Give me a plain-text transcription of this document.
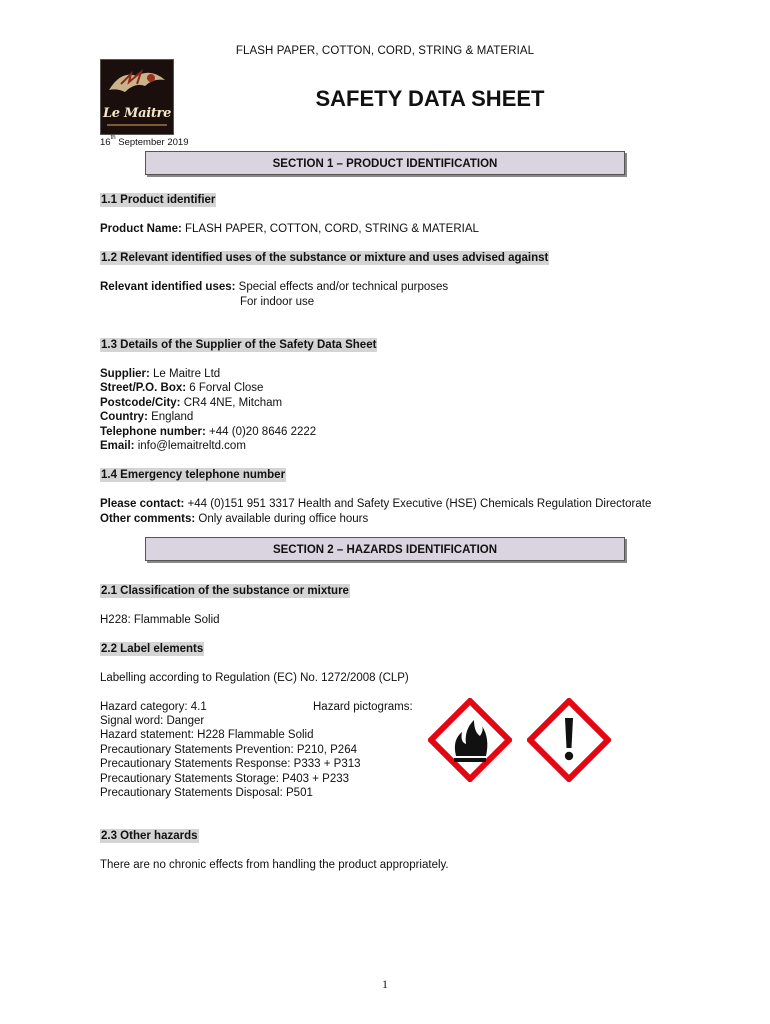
FLASH PAPER, COTTON, CORD, STRING & MATERIAL
Le Maitre
SAFETY DATA SHEET
16th September 2019
SECTION 1 – PRODUCT IDENTIFICATION
1.1 Product identifier
Product Name: FLASH PAPER, COTTON, CORD, STRING & MATERIAL
1.2 Relevant identified uses of the substance or mixture and uses advised against
Relevant identified uses: Special effects and/or technical purposes
For indoor use
1.3 Details of the Supplier of the Safety Data Sheet
Supplier: Le Maitre Ltd
Street/P.O. Box: 6 Forval Close
Postcode/City: CR4 4NE, Mitcham
Country: England
Telephone number: +44 (0)20 8646 2222
Email: info@lemaitreltd.com
1.4 Emergency telephone number
Please contact: +44 (0)151 951 3317 Health and Safety Executive (HSE) Chemicals Regulation Directorate
Other comments: Only available during office hours
SECTION 2 – HAZARDS IDENTIFICATION
2.1 Classification of the substance or mixture
H228: Flammable Solid
2.2 Label elements
Labelling according to Regulation (EC) No. 1272/2008 (CLP)
Hazard category: 4.1	Hazard pictograms:
Signal word: Danger
Hazard statement: H228 Flammable Solid
Precautionary Statements Prevention: P210, P264
Precautionary Statements Response: P333 + P313
Precautionary Statements Storage: P403 + P233
Precautionary Statements Disposal: P501
2.3 Other hazards
There are no chronic effects from handling the product appropriately.
1
